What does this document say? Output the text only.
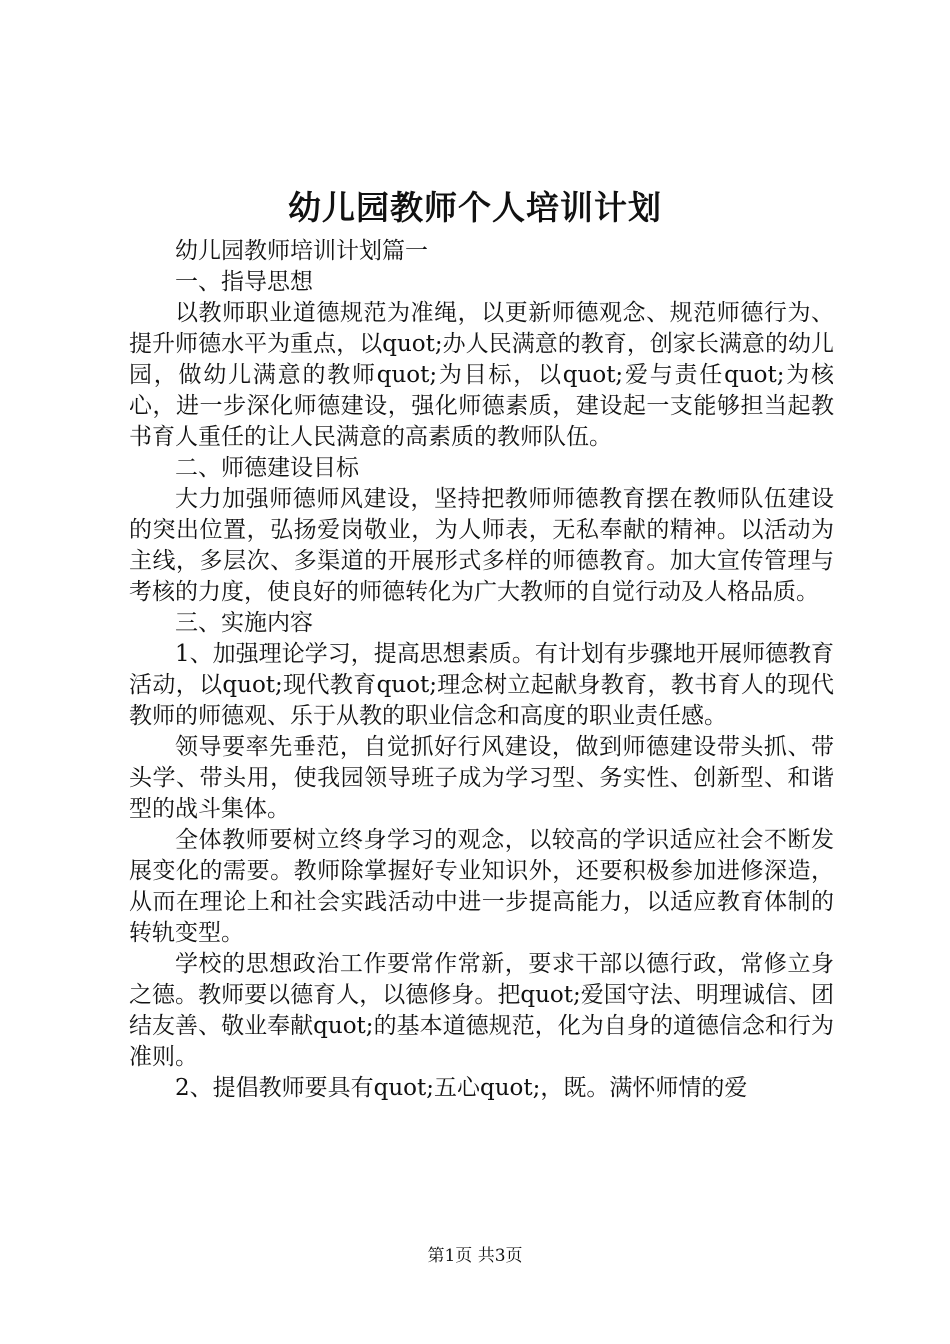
幼儿园教师个人培训计划

幼儿园教师培训计划篇一

一、指导思想

以教师职业道德规范为准绳，以更新师德观念、规范师德行为、提升师德水平为重点，以quot;办人民满意的教育，创家长满意的幼儿园，做幼儿满意的教师quot;为目标，以quot;爱与责任quot;为核心，进一步深化师德建设，强化师德素质，建设起一支能够担当起教书育人重任的让人民满意的高素质的教师队伍。

二、师德建设目标

大力加强师德师风建设，坚持把教师师德教育摆在教师队伍建设的突出位置，弘扬爱岗敬业，为人师表，无私奉献的精神。以活动为主线，多层次、多渠道的开展形式多样的师德教育。加大宣传管理与考核的力度，使良好的师德转化为广大教师的自觉行动及人格品质。

三、实施内容

1、加强理论学习，提高思想素质。有计划有步骤地开展师德教育活动，以quot;现代教育quot;理念树立起献身教育，教书育人的现代教师的师德观、乐于从教的职业信念和高度的职业责任感。

领导要率先垂范，自觉抓好行风建设，做到师德建设带头抓、带头学、带头用，使我园领导班子成为学习型、务实性、创新型、和谐型的战斗集体。

全体教师要树立终身学习的观念，以较高的学识适应社会不断发展变化的需要。教师除掌握好专业知识外，还要积极参加进修深造，从而在理论上和社会实践活动中进一步提高能力，以适应教育体制的转轨变型。

学校的思想政治工作要常作常新，要求干部以德行政，常修立身之德。教师要以德育人，以德修身。把quot;爱国守法、明理诚信、团结友善、敬业奉献quot;的基本道德规范，化为自身的道德信念和行为准则。

2、提倡教师要具有quot;五心quot;，既。满怀师情的爱

第1页 共3页
